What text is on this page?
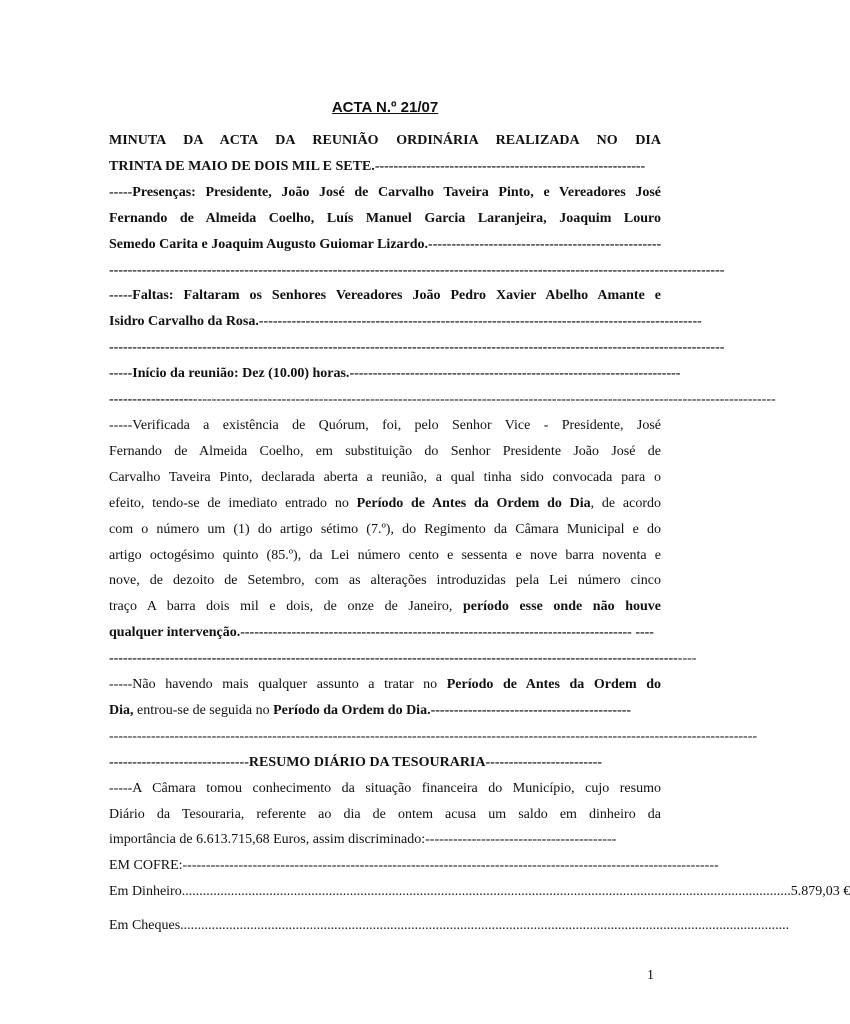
ACTA N.º 21/07

MINUTA DA ACTA DA REUNIÃO ORDINÁRIA REALIZADA NO DIA

TRINTA DE MAIO DE DOIS MIL E SETE.----------------------------------------------------------

-----Presenças: Presidente, João José de Carvalho Taveira Pinto, e Vereadores José

Fernando de Almeida Coelho, Luís Manuel Garcia Laranjeira, Joaquim Louro

Semedo Carita e Joaquim Augusto Guiomar Lizardo.--------------------------------------------------

------------------------------------------------------------------------------------------------------------------------------------

-----Faltas: Faltaram os Senhores Vereadores João Pedro Xavier Abelho Amante e

Isidro Carvalho da Rosa.-----------------------------------------------------------------------------------------------

------------------------------------------------------------------------------------------------------------------------------------

-----Início da reunião: Dez (10.00) horas.-----------------------------------------------------------------------

-----------------------------------------------------------------------------------------------------------------------------------------------

-----Verificada a existência de Quórum, foi, pelo Senhor Vice - Presidente, José

Fernando de Almeida Coelho, em substituição do Senhor Presidente João José de

Carvalho Taveira Pinto, declarada aberta a reunião, a qual tinha sido convocada para o

efeito, tendo-se de imediato entrado no Período de Antes da Ordem do Dia, de acordo

com o número um (1) do artigo sétimo (7.º), do Regimento da Câmara Municipal e do

artigo octogésimo quinto (85.º), da Lei número cento e sessenta e nove barra noventa e

nove, de dezoito de Setembro, com as alterações introduzidas pela Lei número cinco

traço A barra dois mil e dois, de onze de Janeiro, período esse onde não houve

qualquer intervenção.------------------------------------------------------------------------------------ ----

------------------------------------------------------------------------------------------------------------------------------

-----Não havendo mais qualquer assunto a tratar no Período de Antes da Ordem do

Dia, entrou-se de seguida no Período da Ordem do Dia.-------------------------------------------

-------------------------------------------------------------------------------------------------------------------------------------------

------------------------------RESUMO DIÁRIO DA TESOURARIA-------------------------

-----A Câmara tomou conhecimento da situação financeira do Município, cujo resumo

Diário da Tesouraria, referente ao dia de ontem acusa um saldo em dinheiro da

importância de 6.613.715,68 Euros, assim discriminado:-----------------------------------------

EM COFRE:-------------------------------------------------------------------------------------------------------------------

Em Dinheiro .............................................................................................................................................................................. 5.879,03 €
Em Cheques ..............................................................................................................................................................................
1
